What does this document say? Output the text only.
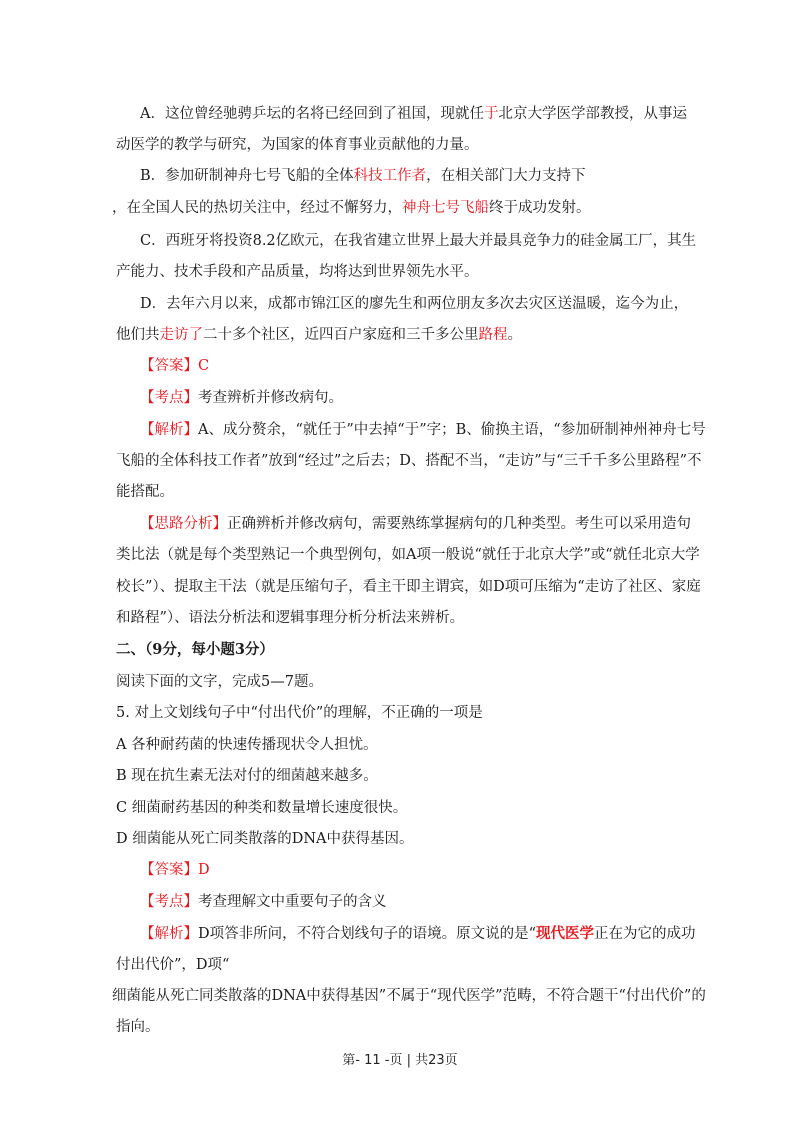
A．这位曾经驰骋乒坛的名将已经回到了祖国，现就任于北京大学医学部教授，从事运
动医学的教学与研究，为国家的体育事业贡献他的力量。
B．参加研制神舟七号飞船的全体科技工作者，在相关部门大力支持下
，在全国人民的热切关注中，经过不懈努力，神舟七号飞船终于成功发射。
C．西班牙将投资8.2亿欧元，在我省建立世界上最大并最具竞争力的硅金属工厂，其生
产能力、技术手段和产品质量，均将达到世界领先水平。
D．去年六月以来，成都市锦江区的廖先生和两位朋友多次去灾区送温暖，迄今为止，
他们共走访了二十多个社区，近四百户家庭和三千多公里路程。
【答案】C
【考点】考查辨析并修改病句。
【解析】A、成分赘余，“就任于”中去掉“于”字；B、偷换主语，“参加研制神州神舟七号
飞船的全体科技工作者”放到“经过”之后去；D、搭配不当，“走访”与“三千千多公里路程”不
能搭配。
【思路分析】正确辨析并修改病句，需要熟练掌握病句的几种类型。考生可以采用造句
类比法（就是每个类型熟记一个典型例句，如A项一般说“就任于北京大学”或“就任北京大学
校长”）、提取主干法（就是压缩句子，看主干即主谓宾，如D项可压缩为“走访了社区、家庭
和路程”）、语法分析法和逻辑事理分析分析法来辨析。
二、（9分，每小题3分）
阅读下面的文字，完成5—7题。
5. 对上文划线句子中“付出代价”的理解，不正确的一项是
A 各种耐药菌的快速传播现状令人担忧。
B 现在抗生素无法对付的细菌越来越多。
C 细菌耐药基因的种类和数量增长速度很快。
D 细菌能从死亡同类散落的DNA中获得基因。
【答案】D
【考点】考查理解文中重要句子的含义
【解析】D项答非所问，不符合划线句子的语境。原文说的是“现代医学正在为它的成功
付出代价”，D项“
细菌能从死亡同类散落的DNA中获得基因”不属于“现代医学”范畴，不符合题干“付出代价”的
指向。
第- 11 -页 | 共23页
